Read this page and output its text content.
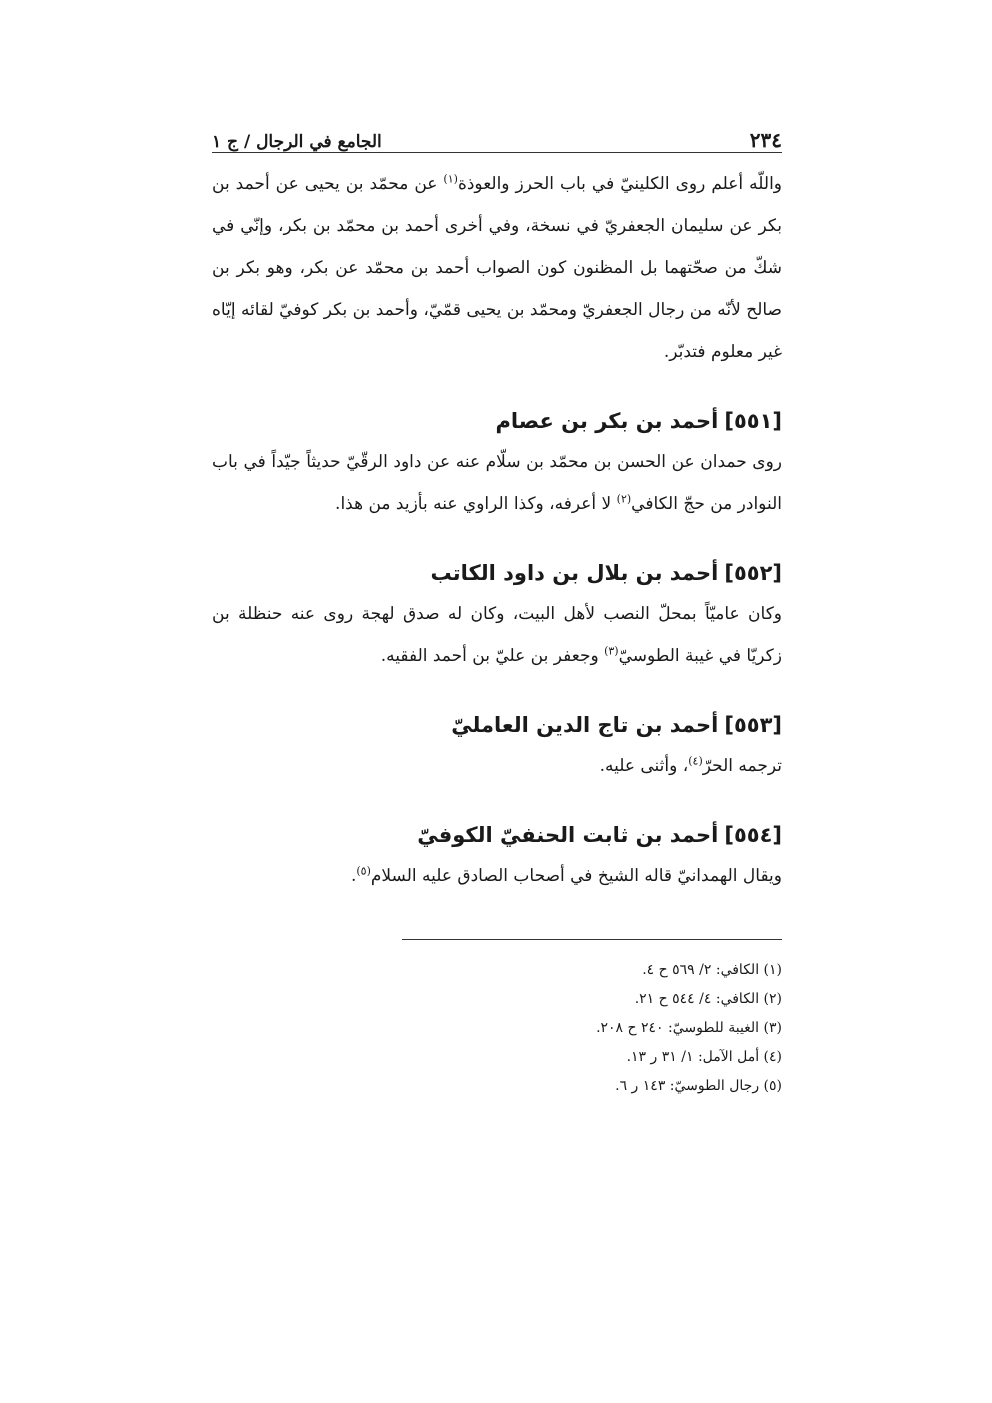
٢٣٤
الجامع في الرجال / ج ١

واللّه أعلم روى الكلينيّ في باب الحرز والعوذة$^{(١)}$ عن محمّد بن يحيى عن أحمد بن بكر عن سليمان الجعفريّ في نسخة، وفي أخرى أحمد بن محمّد بن بكر، وإنّي في شكّ من صحّتهما بل المظنون كون الصواب أحمد بن محمّد عن بكر، وهو بكر بن صالح لأنّه من رجال الجعفريّ ومحمّد بن يحيى قمّيّ، وأحمد بن بكر كوفيّ لقائه إيّاه غير معلوم فتدبّر.

[٥٥١]أحمد بن بكر بن عصام

روى حمدان عن الحسن بن محمّد بن سلّام عنه عن داود الرقّيّ حديثاً جيّداً في باب النوادر من حجّ الكافي$^{(٢)}$ لا أعرفه، وكذا الراوي عنه بأزيد من هذا.

[٥٥٢]أحمد بن بلال بن داود الكاتب

وكان عاميّاً بمحلّ النصب لأهل البيت، وكان له صدق لهجة روى عنه حنظلة بن زكريّا في غيبة الطوسيّ$^{(٣)}$ وجعفر بن عليّ بن أحمد الفقيه.

[٥٥٣]أحمد بن تاج الدين العامليّ

ترجمه الحرّ$^{(٤)}$، وأثنى عليه.

[٥٥٤]أحمد بن ثابت الحنفيّ الكوفيّ

ويقال الهمدانيّ قاله الشيخ في أصحاب الصادق عليه السلام$^{(٥)}$.

(١) الكافي: ٢/ ٥٦٩ ح ٤.
(٢) الكافي: ٤/ ٥٤٤ ح ٢١.
(٣) الغيبة للطوسيّ: ٢٤٠ ح ٢٠٨.
(٤) أمل الآمل: ١/ ٣١ ر ١٣.
(٥) رجال الطوسيّ: ١٤٣ ر ٦.
